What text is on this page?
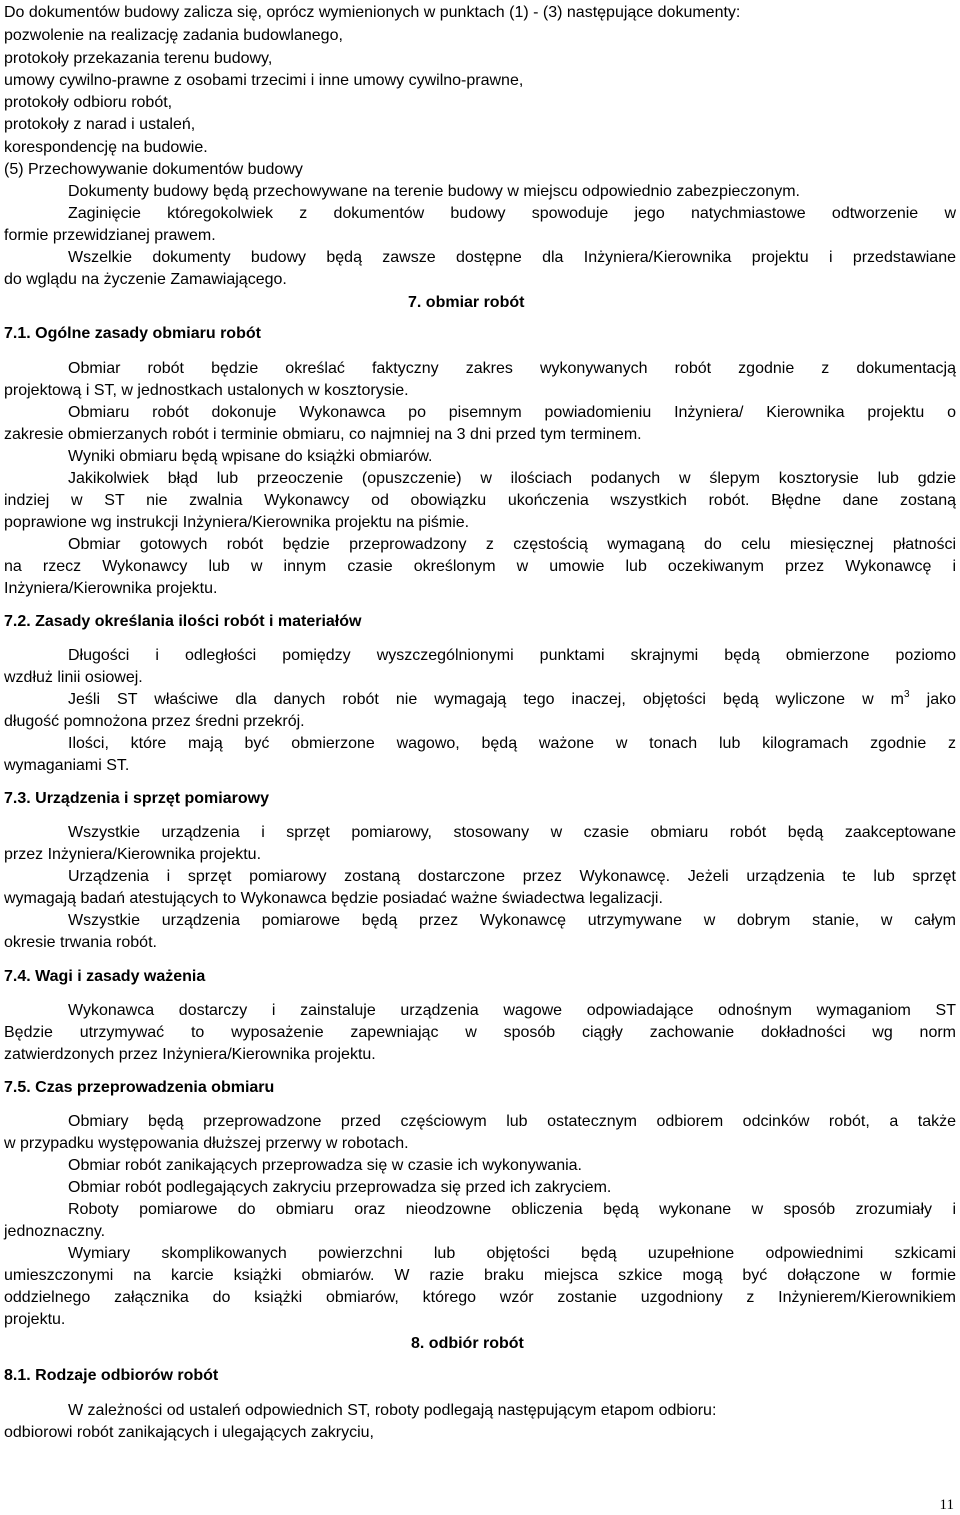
Do dokumentów budowy zalicza się, oprócz wymienionych w punktach (1) - (3) następujące dokumenty:
pozwolenie na realizację zadania budowlanego,
protokoły przekazania terenu budowy,
umowy cywilno-prawne z osobami trzecimi i inne umowy cywilno-prawne,
protokoły odbioru robót,
protokoły z narad i ustaleń,
korespondencję na budowie.
(5) Przechowywanie dokumentów budowy
Dokumenty budowy będą przechowywane na terenie budowy w miejscu odpowiednio zabezpieczonym.
Zaginięcie któregokolwiek z dokumentów budowy spowoduje jego natychmiastowe odtworzenie w
formie przewidzianej prawem.
Wszelkie dokumenty budowy będą zawsze dostępne dla Inżyniera/Kierownika projektu i przedstawiane
do wglądu na życzenie Zamawiającego.
7. obmiar robót
7.1. Ogólne zasady obmiaru robót
Obmiar robót będzie określać faktyczny zakres wykonywanych robót zgodnie z dokumentacją
projektową i ST, w jednostkach ustalonych w kosztorysie.
Obmiaru robót dokonuje Wykonawca po pisemnym powiadomieniu Inżyniera/ Kierownika projektu o
zakresie obmierzanych robót i terminie obmiaru, co najmniej na 3 dni przed tym terminem.
Wyniki obmiaru będą wpisane do książki obmiarów.
Jakikolwiek błąd lub przeoczenie (opuszczenie) w ilościach podanych w ślepym kosztorysie lub gdzie
indziej w ST nie zwalnia Wykonawcy od obowiązku ukończenia wszystkich robót. Błędne dane zostaną
poprawione wg instrukcji Inżyniera/Kierownika projektu na piśmie.
Obmiar gotowych robót będzie przeprowadzony z częstością wymaganą do celu miesięcznej płatności
na rzecz Wykonawcy lub w innym czasie określonym w umowie lub oczekiwanym przez Wykonawcę i
Inżyniera/Kierownika projektu.
7.2. Zasady określania ilości robót i materiałów
Długości i odległości pomiędzy wyszczególnionymi punktami skrajnymi będą obmierzone poziomo
wzdłuż linii osiowej.
Jeśli ST właściwe dla danych robót nie wymagają tego inaczej, objętości będą wyliczone w $m^3$ jako
długość pomnożona przez średni przekrój.
Ilości, które mają być obmierzone wagowo, będą ważone w tonach lub kilogramach zgodnie z
wymaganiami ST.
7.3. Urządzenia i sprzęt pomiarowy
Wszystkie urządzenia i sprzęt pomiarowy, stosowany w czasie obmiaru robót będą zaakceptowane
przez Inżyniera/Kierownika projektu.
Urządzenia i sprzęt pomiarowy zostaną dostarczone przez Wykonawcę. Jeżeli urządzenia te lub sprzęt
wymagają badań atestujących to Wykonawca będzie posiadać ważne świadectwa legalizacji.
Wszystkie urządzenia pomiarowe będą przez Wykonawcę utrzymywane w dobrym stanie, w całym
okresie trwania robót.
7.4. Wagi i zasady ważenia
Wykonawca dostarczy i zainstaluje urządzenia wagowe odpowiadające odnośnym wymaganiom ST
Będzie utrzymywać to wyposażenie zapewniając w sposób ciągły zachowanie dokładności wg norm
zatwierdzonych przez Inżyniera/Kierownika projektu.
7.5. Czas przeprowadzenia obmiaru
Obmiary będą przeprowadzone przed częściowym lub ostatecznym odbiorem odcinków robót, a także
w przypadku występowania dłuższej przerwy w robotach.
Obmiar robót zanikających przeprowadza się w czasie ich wykonywania.
Obmiar robót podlegających zakryciu przeprowadza się przed ich zakryciem.
Roboty pomiarowe do obmiaru oraz nieodzowne obliczenia będą wykonane w sposób zrozumiały i
jednoznaczny.
Wymiary skomplikowanych powierzchni lub objętości będą uzupełnione odpowiednimi szkicami
umieszczonymi na karcie książki obmiarów. W razie braku miejsca szkice mogą być dołączone w formie
oddzielnego załącznika do książki obmiarów, którego wzór zostanie uzgodniony z Inżynierem/Kierownikiem
projektu.
8. odbiór robót
8.1. Rodzaje odbiorów robót
W zależności od ustaleń odpowiednich ST, roboty podlegają następującym etapom odbioru:
odbiorowi robót zanikających i ulegających zakryciu,
11
